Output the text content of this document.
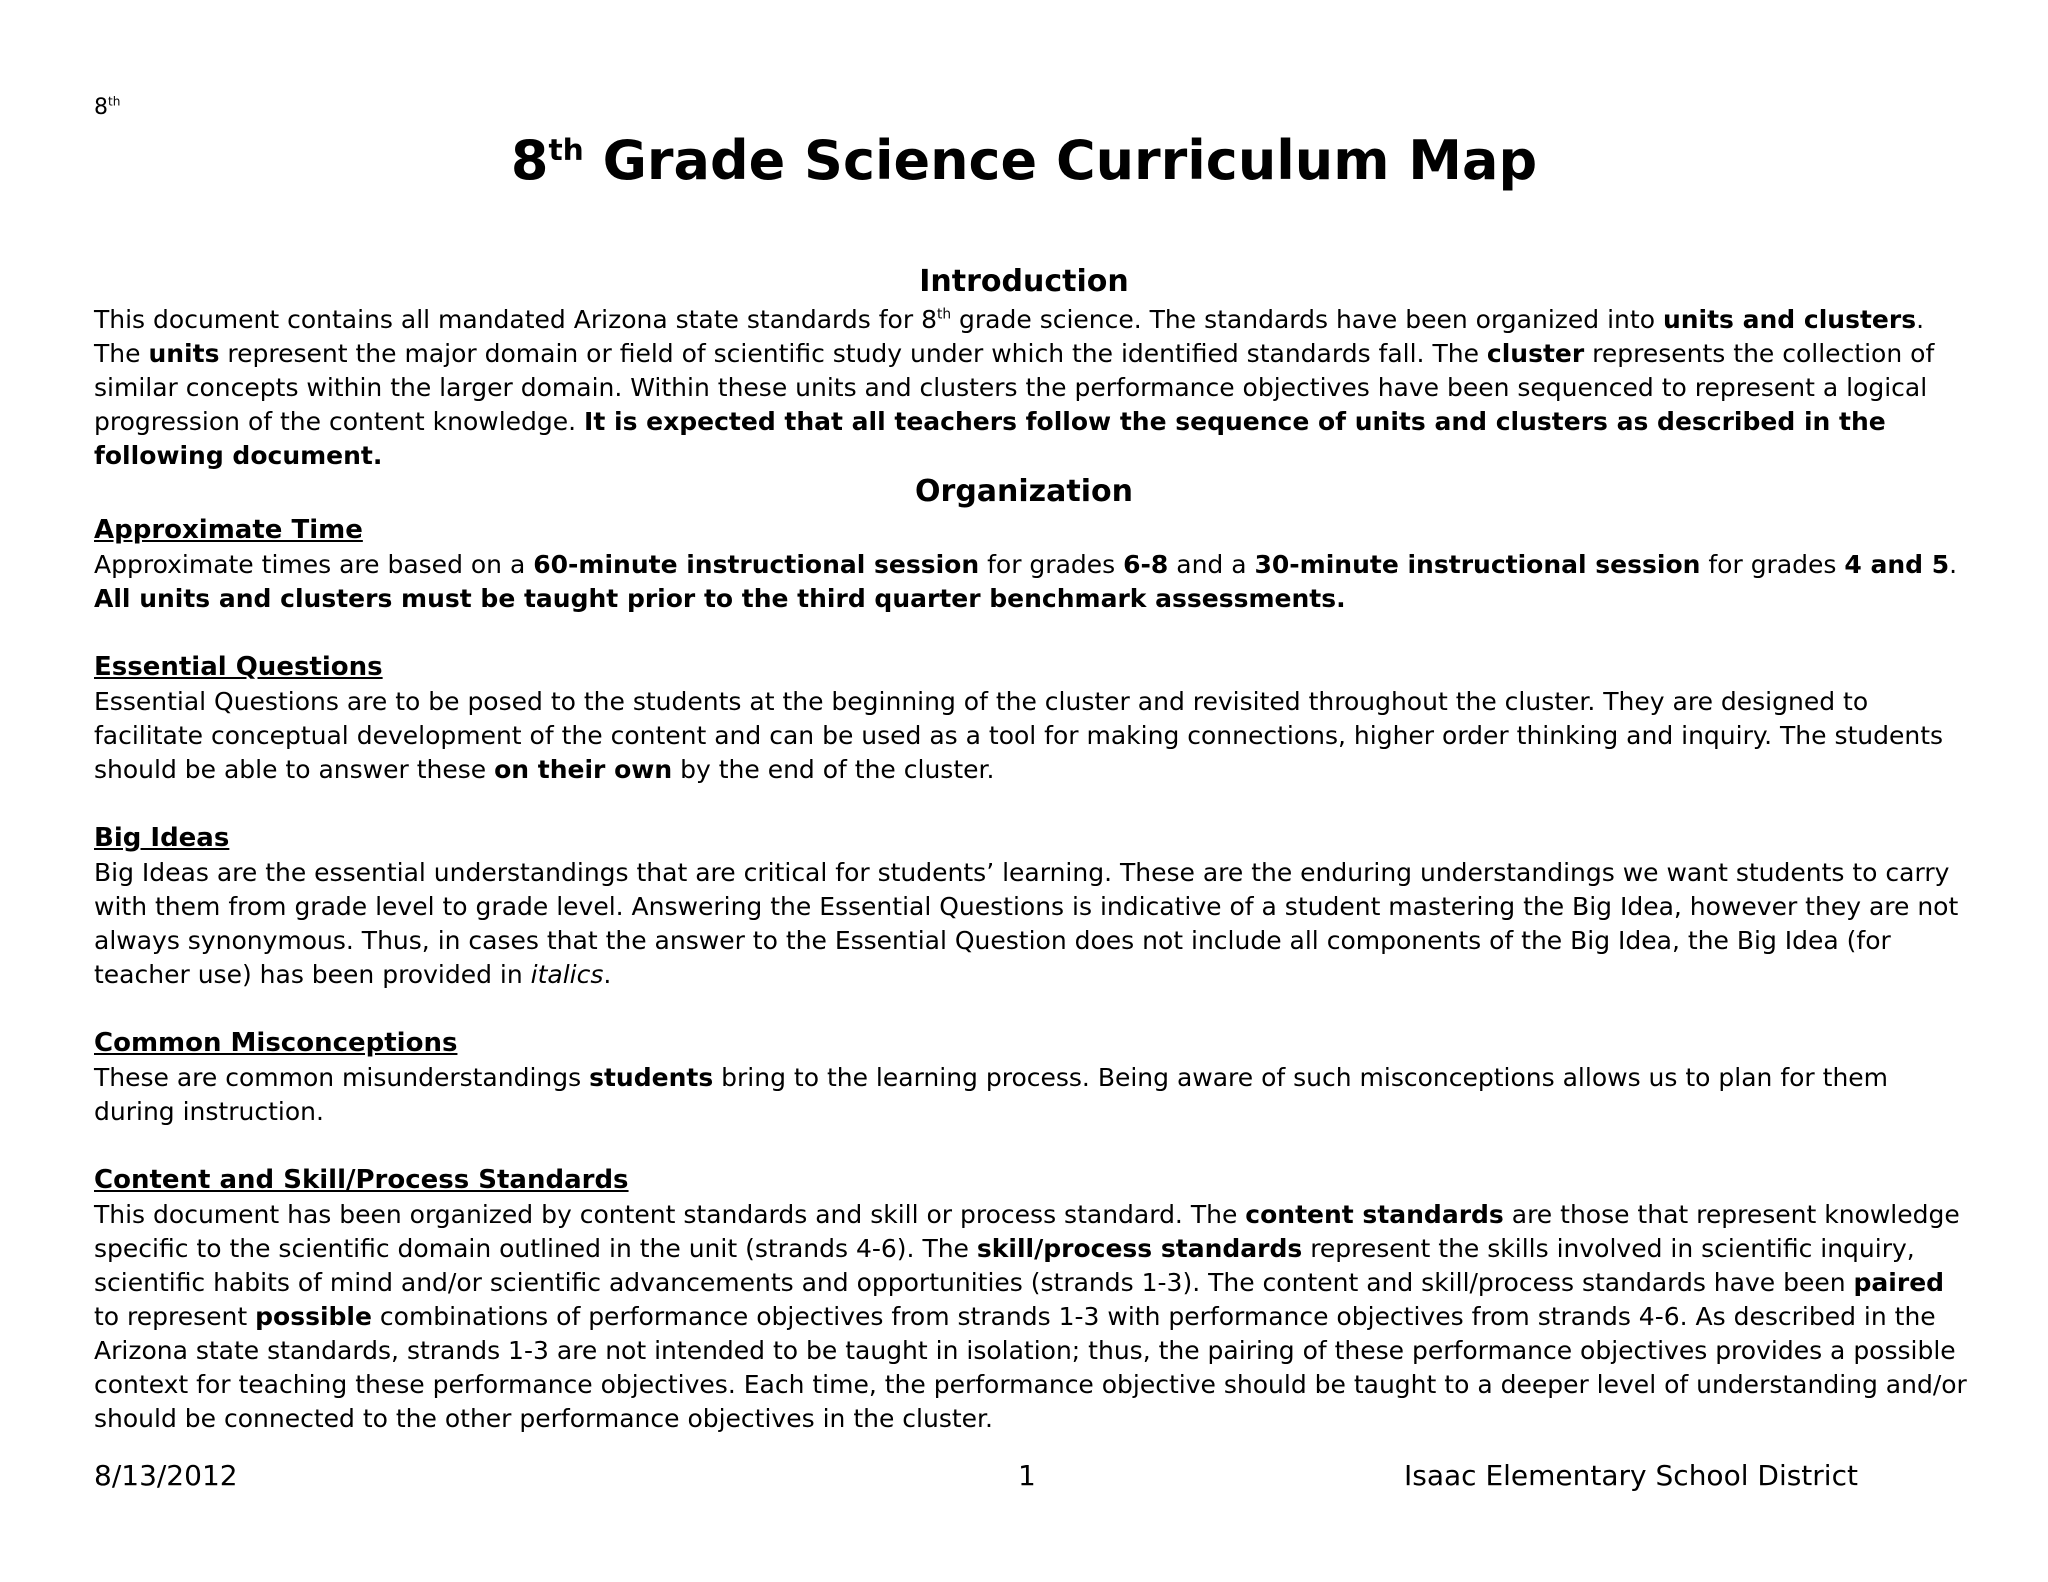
8th
8th Grade Science Curriculum Map
Introduction
This document contains all mandated Arizona state standards for 8th grade science. The standards have been organized into units and clusters. The units represent the major domain or field of scientific study under which the identified standards fall. The cluster represents the collection of similar concepts within the larger domain. Within these units and clusters the performance objectives have been sequenced to represent a logical progression of the content knowledge. It is expected that all teachers follow the sequence of units and clusters as described in the following document.
Organization
Approximate Time
Approximate times are based on a 60-minute instructional session for grades 6-8 and a 30-minute instructional session for grades 4 and 5. All units and clusters must be taught prior to the third quarter benchmark assessments.
Essential Questions
Essential Questions are to be posed to the students at the beginning of the cluster and revisited throughout the cluster. They are designed to facilitate conceptual development of the content and can be used as a tool for making connections, higher order thinking and inquiry. The students should be able to answer these on their own by the end of the cluster.
Big Ideas
Big Ideas are the essential understandings that are critical for students’ learning. These are the enduring understandings we want students to carry with them from grade level to grade level. Answering the Essential Questions is indicative of a student mastering the Big Idea, however they are not always synonymous. Thus, in cases that the answer to the Essential Question does not include all components of the Big Idea, the Big Idea (for teacher use) has been provided in italics.
Common Misconceptions
These are common misunderstandings students bring to the learning process. Being aware of such misconceptions allows us to plan for them during instruction.
Content and Skill/Process Standards
This document has been organized by content standards and skill or process standard. The content standards are those that represent knowledge specific to the scientific domain outlined in the unit (strands 4-6). The skill/process standards represent the skills involved in scientific inquiry, scientific habits of mind and/or scientific advancements and opportunities (strands 1-3). The content and skill/process standards have been paired to represent possible combinations of performance objectives from strands 1-3 with performance objectives from strands 4-6. As described in the Arizona state standards, strands 1-3 are not intended to be taught in isolation; thus, the pairing of these performance objectives provides a possible context for teaching these performance objectives. Each time, the performance objective should be taught to a deeper level of understanding and/or should be connected to the other performance objectives in the cluster.
8/13/2012	1	Isaac Elementary School District
